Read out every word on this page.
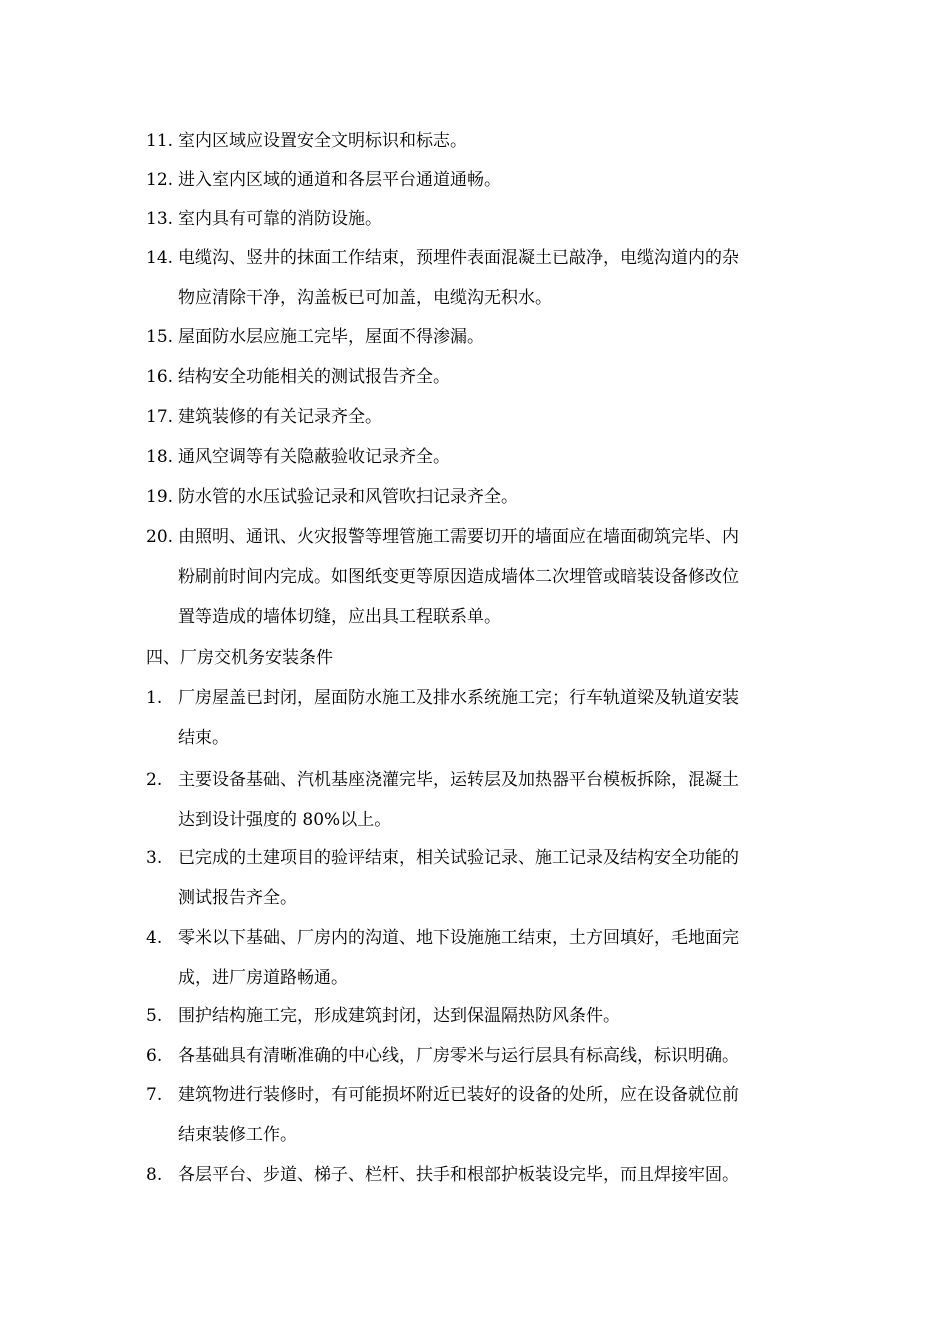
11. 室内区域应设置安全文明标识和标志。
12. 进入室内区域的通道和各层平台通道通畅。
13. 室内具有可靠的消防设施。
14. 电缆沟、竖井的抹面工作结束，预埋件表面混凝土已敲净，电缆沟道内的杂
物应清除干净，沟盖板已可加盖，电缆沟无积水。
15. 屋面防水层应施工完毕，屋面不得渗漏。
16. 结构安全功能相关的测试报告齐全。
17. 建筑装修的有关记录齐全。
18. 通风空调等有关隐蔽验收记录齐全。
19. 防水管的水压试验记录和风管吹扫记录齐全。
20. 由照明、通讯、火灾报警等埋管施工需要切开的墙面应在墙面砌筑完毕、内
粉刷前时间内完成。如图纸变更等原因造成墙体二次埋管或暗装设备修改位
置等造成的墙体切缝，应出具工程联系单。
四、厂房交机务安装条件
1. 厂房屋盖已封闭，屋面防水施工及排水系统施工完；行车轨道梁及轨道安装
结束。
2. 主要设备基础、汽机基座浇灌完毕，运转层及加热器平台模板拆除，混凝土
达到设计强度的 80%以上。
3. 已完成的土建项目的验评结束，相关试验记录、施工记录及结构安全功能的
测试报告齐全。
4. 零米以下基础、厂房内的沟道、地下设施施工结束，土方回填好，毛地面完
成，进厂房道路畅通。
5. 围护结构施工完，形成建筑封闭，达到保温隔热防风条件。
6. 各基础具有清晰准确的中心线，厂房零米与运行层具有标高线，标识明确。
7. 建筑物进行装修时，有可能损坏附近已装好的设备的处所，应在设备就位前
结束装修工作。
8. 各层平台、步道、梯子、栏杆、扶手和根部护板装设完毕，而且焊接牢固。
